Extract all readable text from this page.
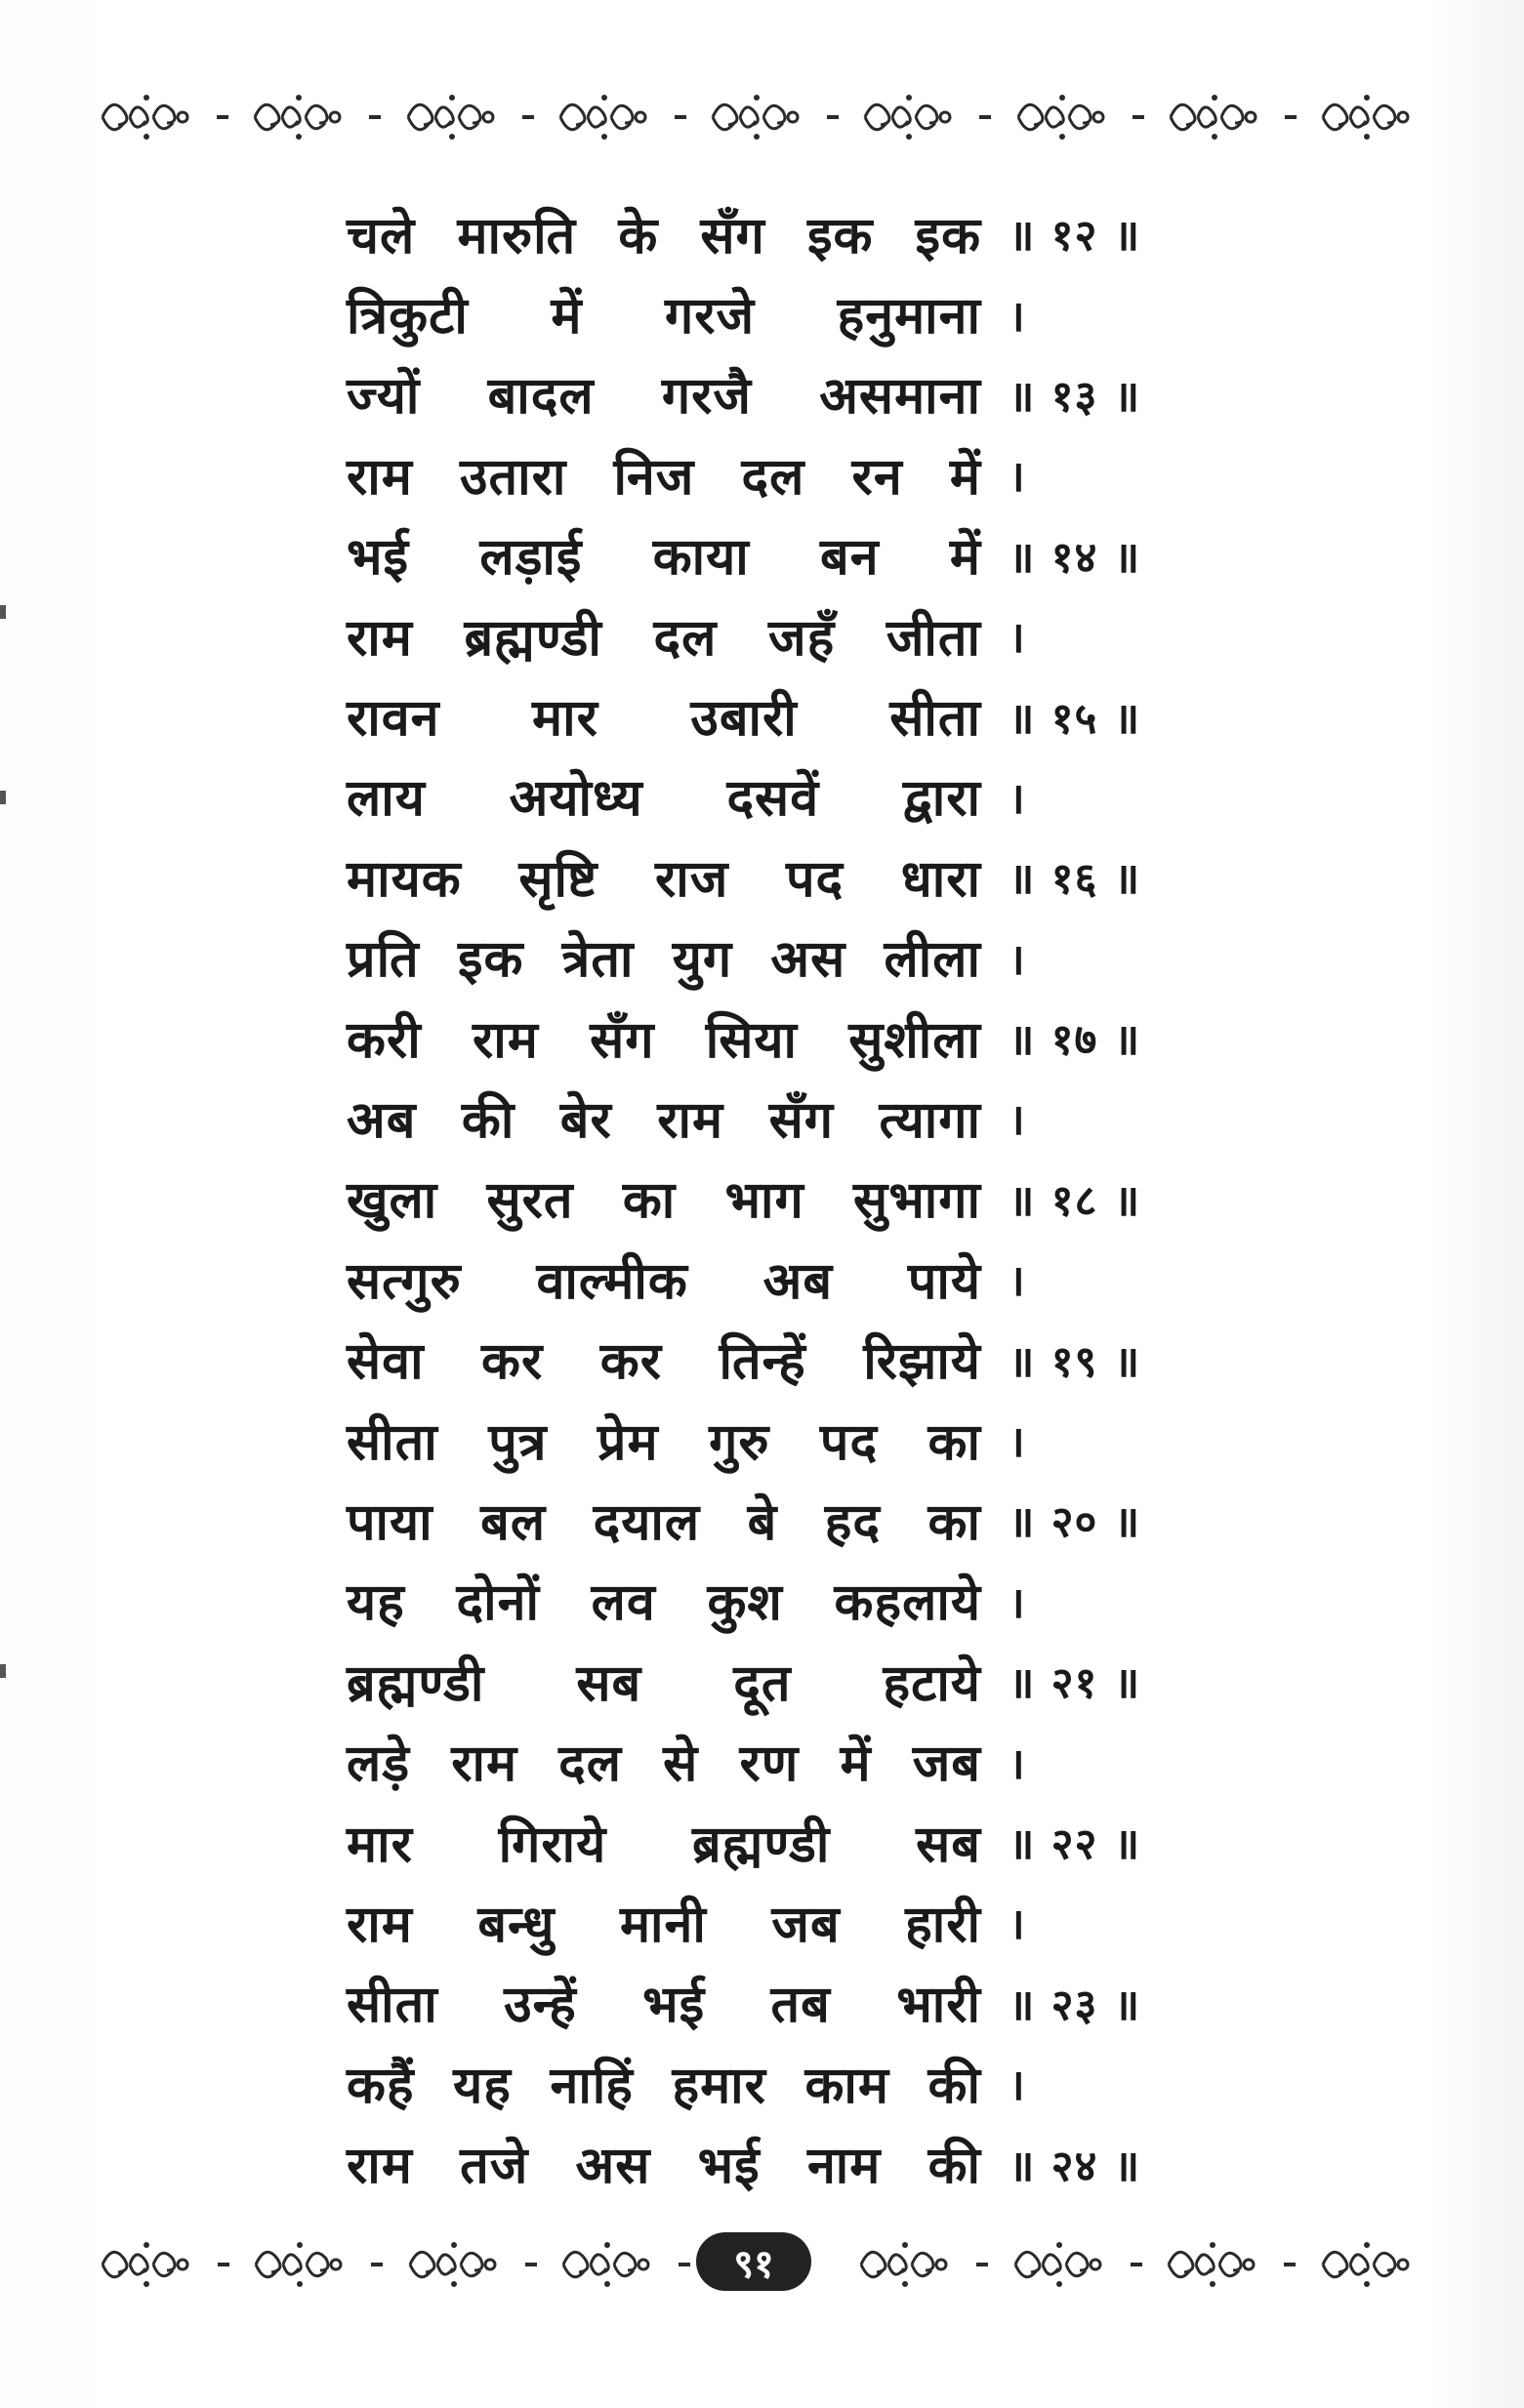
चले मारुति के सँग इक इक ॥ १२ ॥
त्रिकुटी में गरजे हनुमाना ।
ज्यों बादल गरजै असमाना ॥ १३ ॥
राम उतारा निज दल रन में ।
भई लड़ाई काया बन में ॥ १४ ॥
राम ब्रह्मण्डी दल जहँ जीता ।
रावन मार उबारी सीता ॥ १५ ॥
लाय अयोध्य दसवें द्वारा ।
मायक सृष्टि राज पद धारा ॥ १६ ॥
प्रति इक त्रेता युग अस लीला ।
करी राम सँग सिया सुशीला ॥ १७ ॥
अब की बेर राम सँग त्यागा ।
खुला सुरत का भाग सुभागा ॥ १८ ॥
सत्गुरु वाल्मीक अब पाये ।
सेवा कर कर तिन्हें रिझाये ॥ १९ ॥
सीता पुत्र प्रेम गुरु पद का ।
पाया बल दयाल बे हद का ॥ २० ॥
यह दोनों लव कुश कहलाये ।
ब्रह्मण्डी सब दूत हटाये ॥ २१ ॥
लड़े राम दल से रण में जब ।
मार गिराये ब्रह्मण्डी सब ॥ २२ ॥
राम बन्धु मानी जब हारी ।
सीता उन्हें भई तब भारी ॥ २३ ॥
कहैं यह नाहिं हमार काम की ।
राम तजे अस भई नाम की ॥ २४ ॥
९१
